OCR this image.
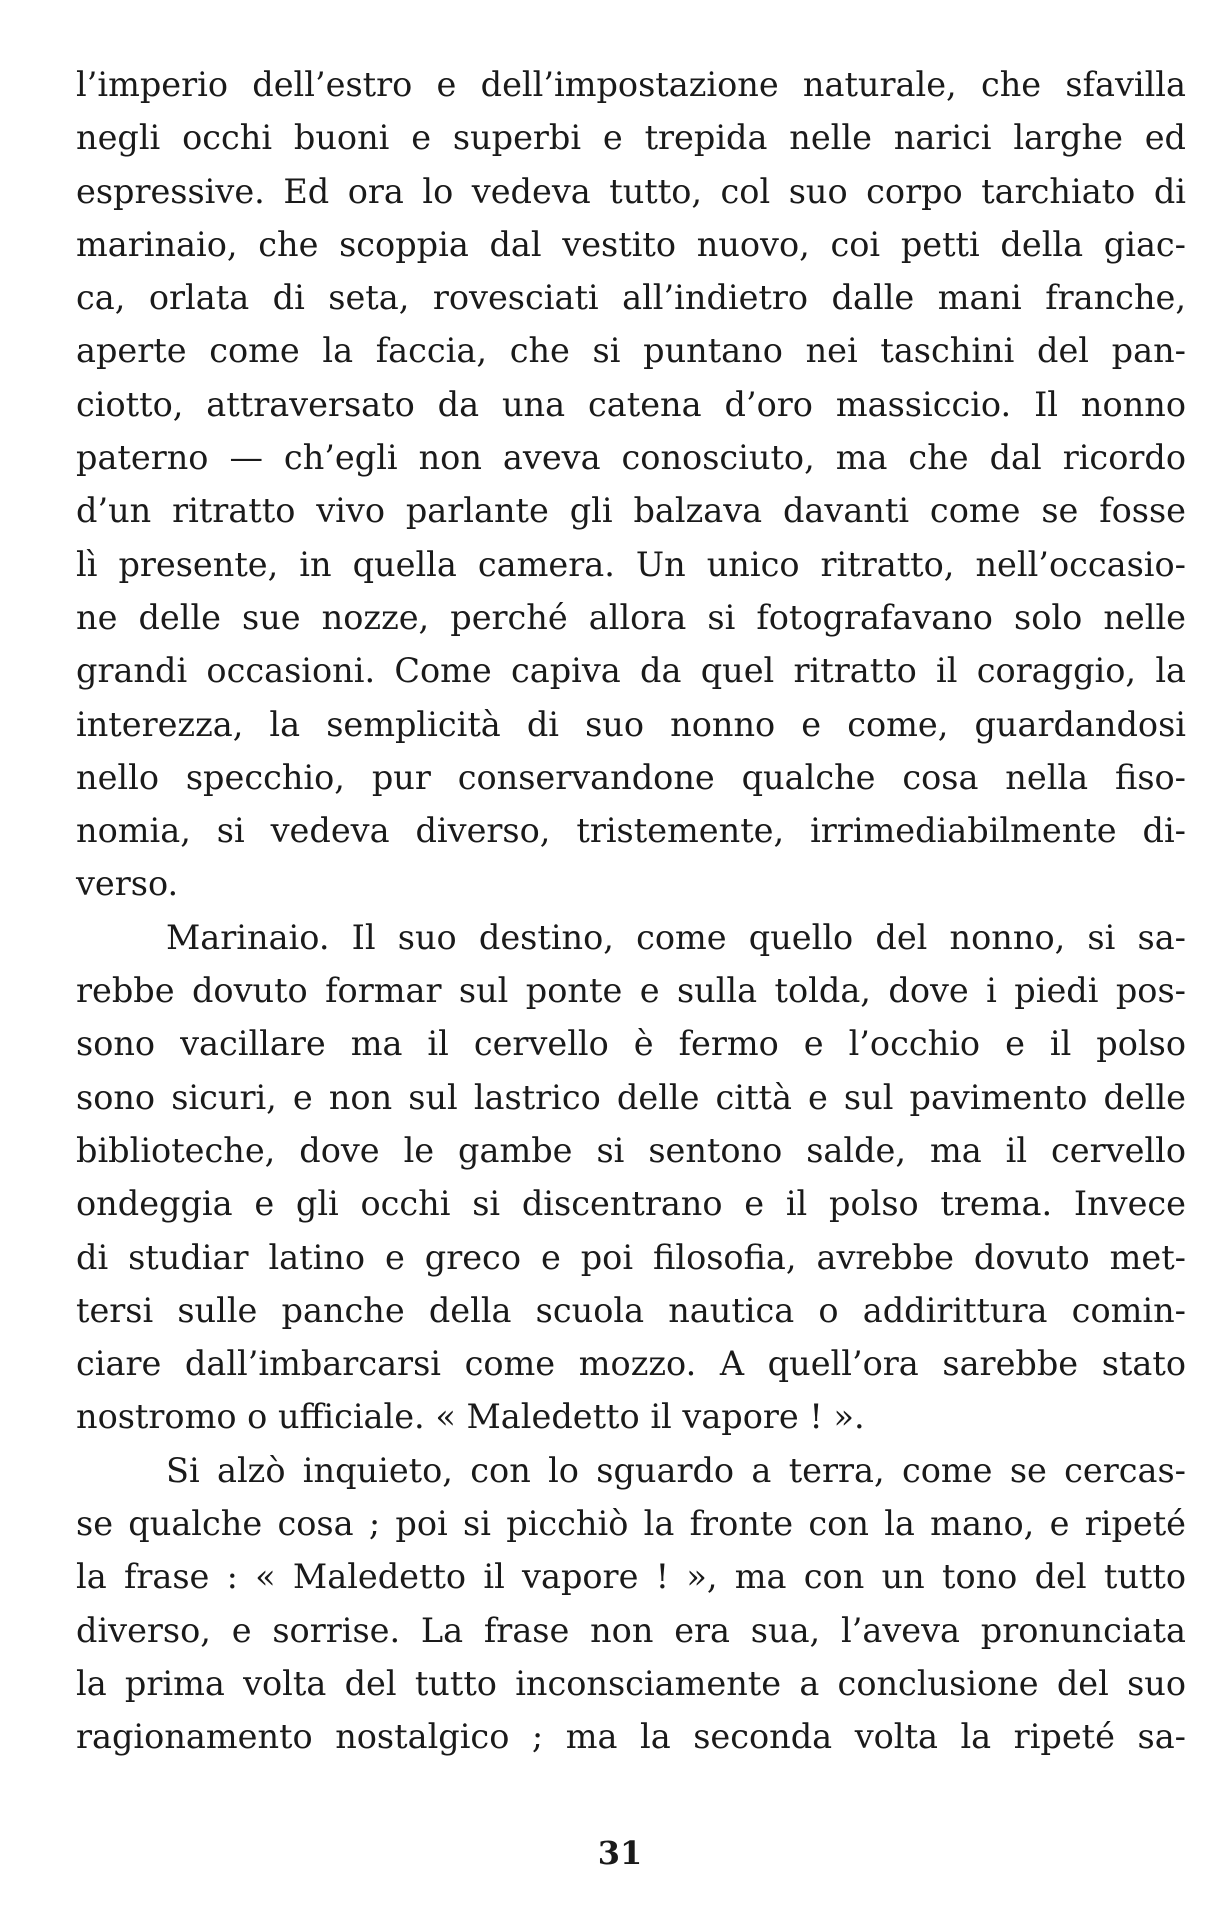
l’imperio dell’estro e dell’impostazione naturale, che sfavilla
negli occhi buoni e superbi e trepida nelle narici larghe ed
espressive. Ed ora lo vedeva tutto, col suo corpo tarchiato di
marinaio, che scoppia dal vestito nuovo, coi petti della giac-
ca, orlata di seta, rovesciati all’indietro dalle mani franche,
aperte come la faccia, che si puntano nei taschini del pan-
ciotto, attraversato da una catena d’oro massiccio. Il nonno
paterno — ch’egli non aveva conosciuto, ma che dal ricordo
d’un ritratto vivo parlante gli balzava davanti come se fosse
lì presente, in quella camera. Un unico ritratto, nell’occasio-
ne delle sue nozze, perché allora si fotografavano solo nelle
grandi occasioni. Come capiva da quel ritratto il coraggio, la
interezza, la semplicità di suo nonno e come, guardandosi
nello specchio, pur conservandone qualche cosa nella fiso-
nomia, si vedeva diverso, tristemente, irrimediabilmente di-
verso.
Marinaio. Il suo destino, come quello del nonno, si sa-
rebbe dovuto formar sul ponte e sulla tolda, dove i piedi pos-
sono vacillare ma il cervello è fermo e l’occhio e il polso
sono sicuri, e non sul lastrico delle città e sul pavimento delle
biblioteche, dove le gambe si sentono salde, ma il cervello
ondeggia e gli occhi si discentrano e il polso trema. Invece
di studiar latino e greco e poi filosofia, avrebbe dovuto met-
tersi sulle panche della scuola nautica o addirittura comin-
ciare dall’imbarcarsi come mozzo. A quell’ora sarebbe stato
nostromo o ufficiale. « Maledetto il vapore ! ».
Si alzò inquieto, con lo sguardo a terra, come se cercas-
se qualche cosa ; poi si picchiò la fronte con la mano, e ripeté
la frase : « Maledetto il vapore ! », ma con un tono del tutto
diverso, e sorrise. La frase non era sua, l’aveva pronunciata
la prima volta del tutto inconsciamente a conclusione del suo
ragionamento nostalgico ; ma la seconda volta la ripeté sa-
31
